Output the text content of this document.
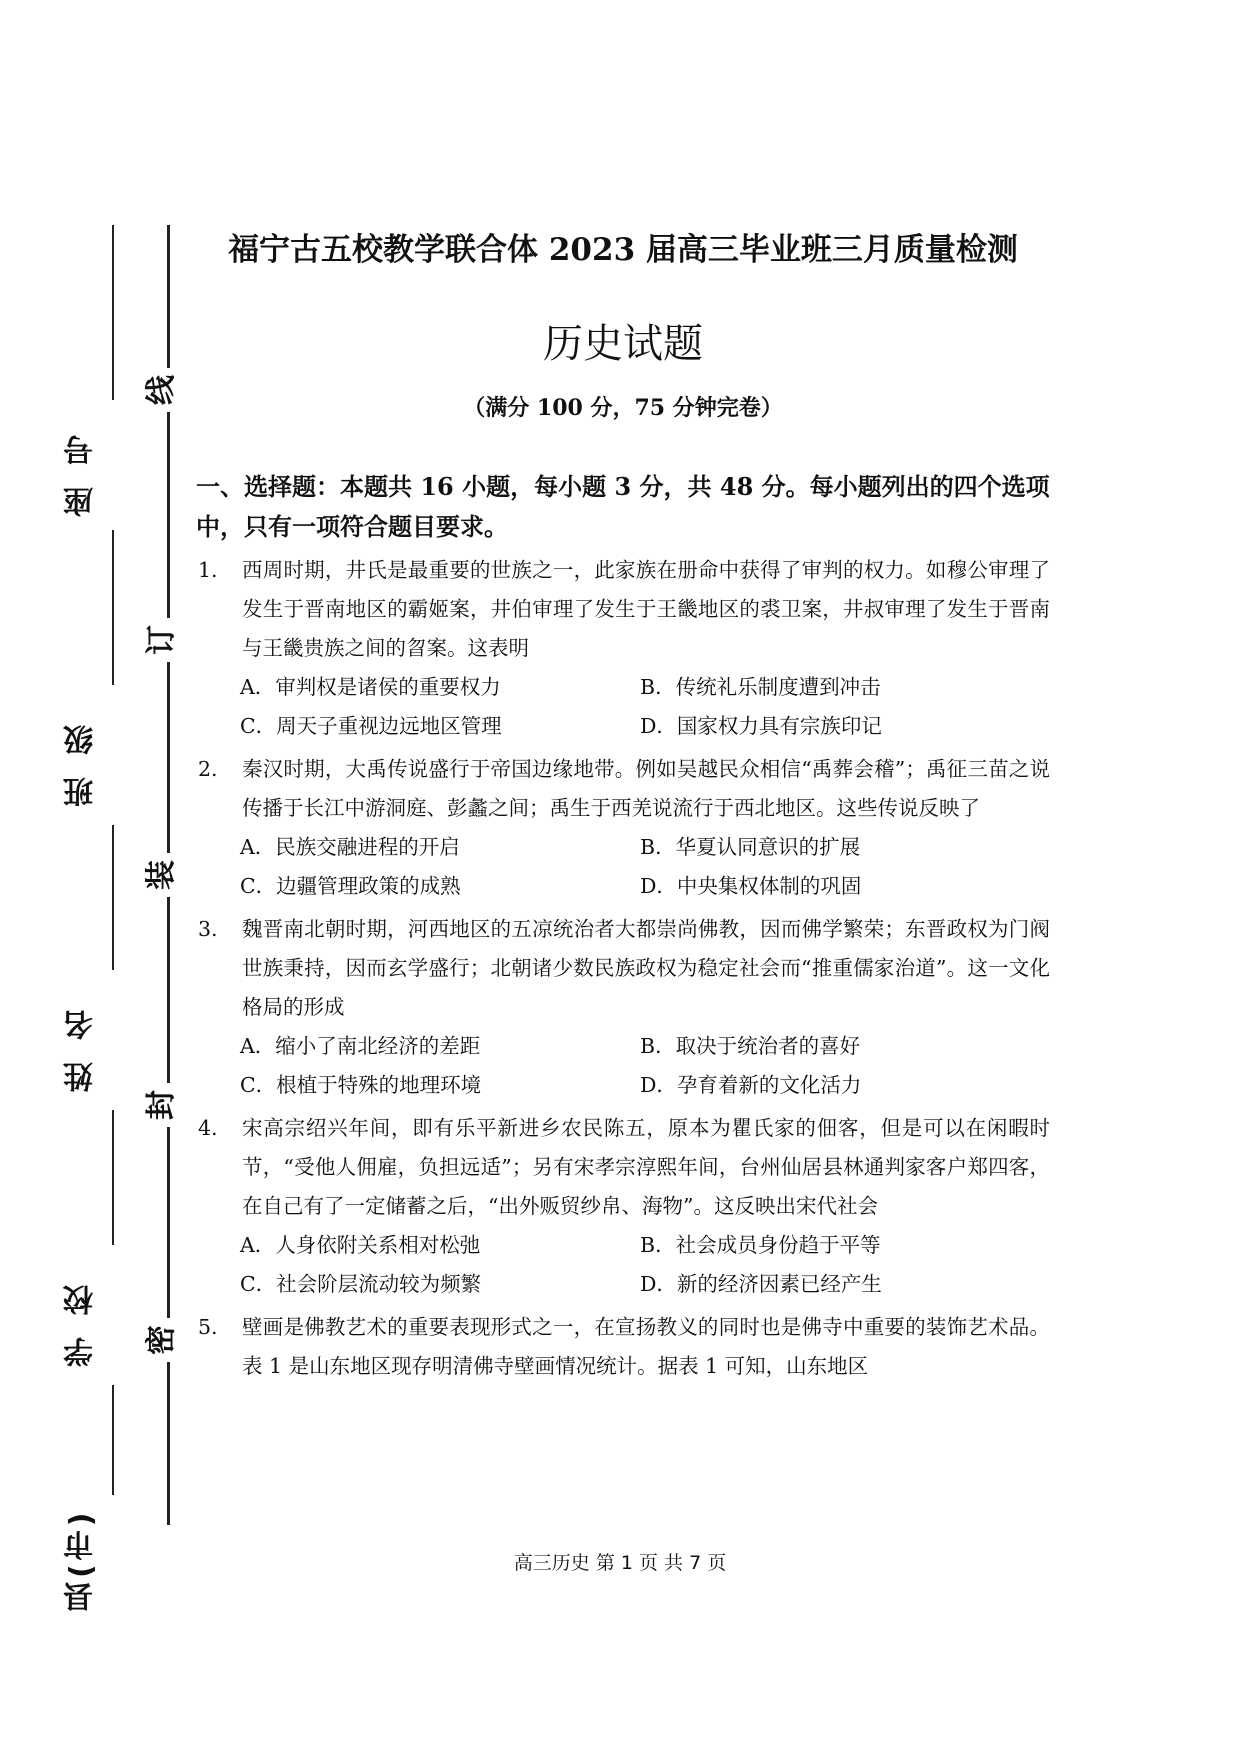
座号
班级
姓名
学校
县(市)
线
订
装
封
密
福宁古五校教学联合体 2023 届高三毕业班三月质量检测
历史试题
（满分 100 分，75 分钟完卷）
一、选择题：本题共 16 小题，每小题 3 分，共 48 分。每小题列出的四个选项中，只有一项符合题目要求。
1.	西周时期，井氏是最重要的世族之一，此家族在册命中获得了审判的权力。如穆公审理了发生于晋南地区的霸姬案，井伯审理了发生于王畿地区的裘卫案，井叔审理了发生于晋南与王畿贵族之间的曶案。这表明
A．审判权是诸侯的重要权力	B．传统礼乐制度遭到冲击
C．周天子重视边远地区管理	D．国家权力具有宗族印记
2.	秦汉时期，大禹传说盛行于帝国边缘地带。例如吴越民众相信“禹葬会稽”；禹征三苗之说传播于长江中游洞庭、彭蠡之间；禹生于西羌说流行于西北地区。这些传说反映了
A．民族交融进程的开启	B．华夏认同意识的扩展
C．边疆管理政策的成熟	D．中央集权体制的巩固
3.	魏晋南北朝时期，河西地区的五凉统治者大都崇尚佛教，因而佛学繁荣；东晋政权为门阀世族秉持，因而玄学盛行；北朝诸少数民族政权为稳定社会而“推重儒家治道”。这一文化格局的形成
A．缩小了南北经济的差距	B．取决于统治者的喜好
C．根植于特殊的地理环境	D．孕育着新的文化活力
4.	宋高宗绍兴年间，即有乐平新进乡农民陈五，原本为瞿氏家的佃客，但是可以在闲暇时节，“受他人佣雇，负担远适”；另有宋孝宗淳熙年间，台州仙居县林通判家客户郑四客，在自己有了一定储蓄之后，“出外贩贸纱帛、海物”。这反映出宋代社会
A．人身依附关系相对松弛	B．社会成员身份趋于平等
C．社会阶层流动较为频繁	D．新的经济因素已经产生
5.	壁画是佛教艺术的重要表现形式之一，在宣扬教义的同时也是佛寺中重要的装饰艺术品。表 1 是山东地区现存明清佛寺壁画情况统计。据表 1 可知，山东地区
高三历史 第 1 页 共 7 页
